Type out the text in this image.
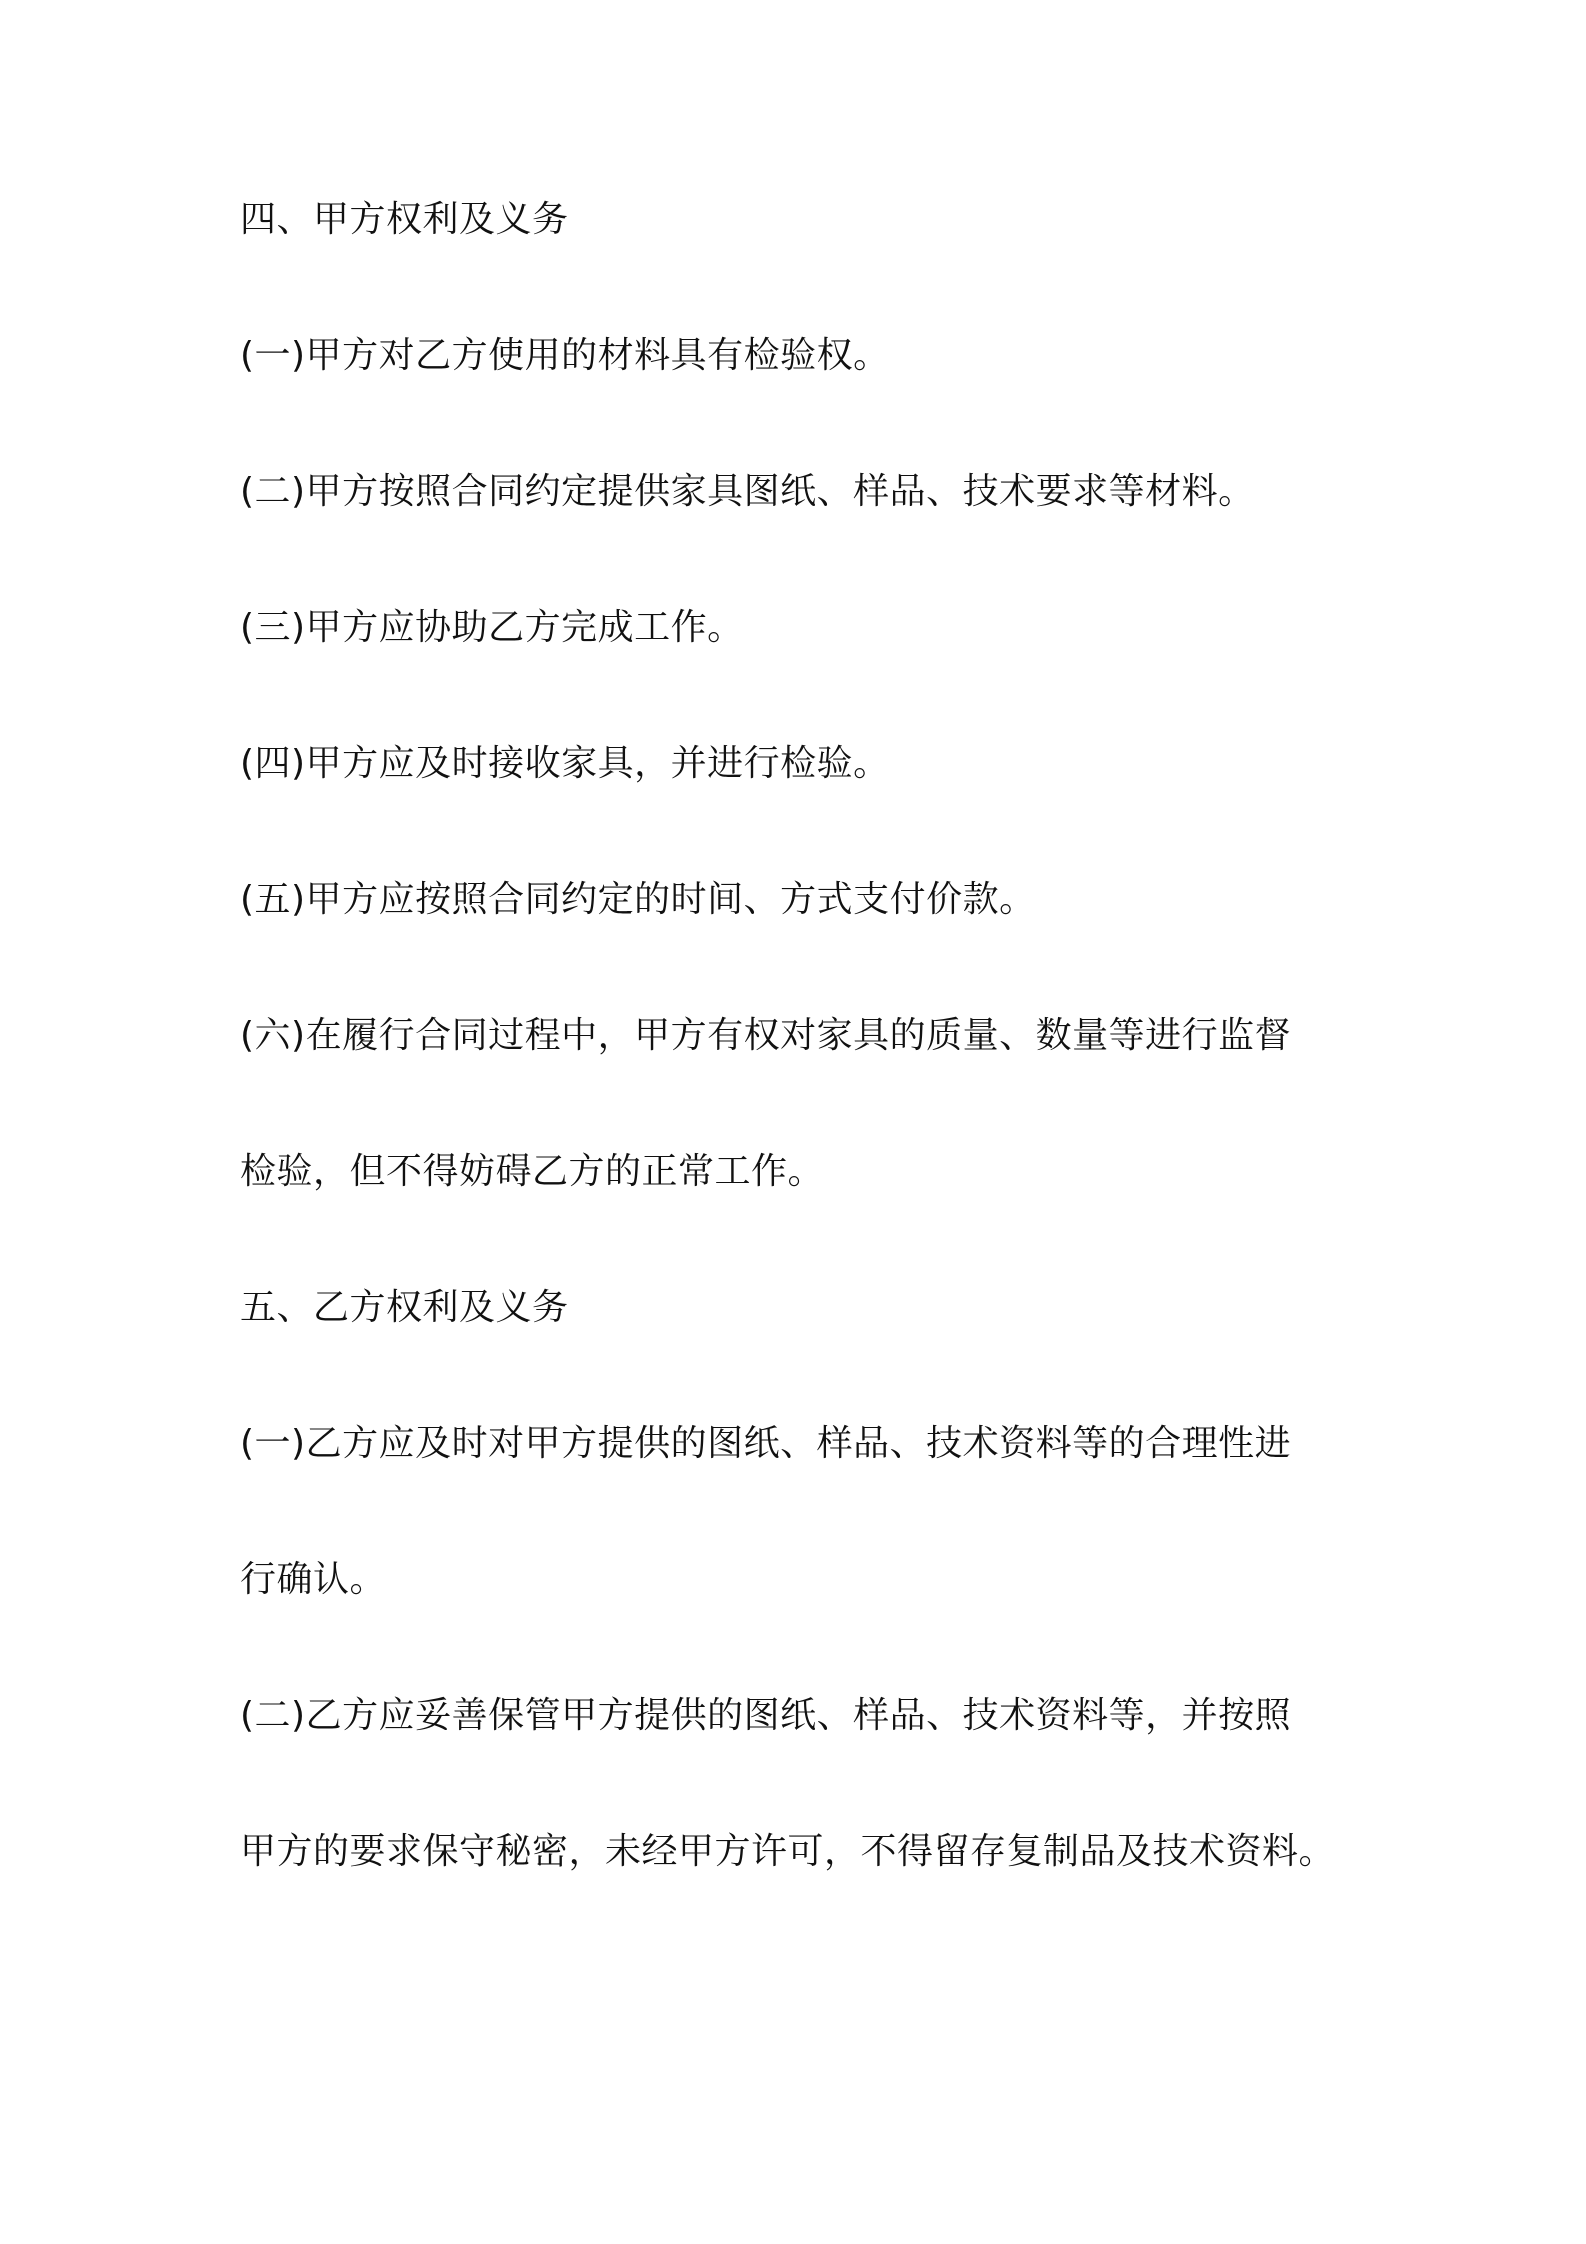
四、甲方权利及义务
(一)甲方对乙方使用的材料具有检验权。
(二)甲方按照合同约定提供家具图纸、样品、技术要求等材料。
(三)甲方应协助乙方完成工作。
(四)甲方应及时接收家具，并进行检验。
(五)甲方应按照合同约定的时间、方式支付价款。
(六)在履行合同过程中，甲方有权对家具的质量、数量等进行监督
检验，但不得妨碍乙方的正常工作。
五、乙方权利及义务
(一)乙方应及时对甲方提供的图纸、样品、技术资料等的合理性进
行确认。
(二)乙方应妥善保管甲方提供的图纸、样品、技术资料等，并按照
甲方的要求保守秘密，未经甲方许可，不得留存复制品及技术资料。
